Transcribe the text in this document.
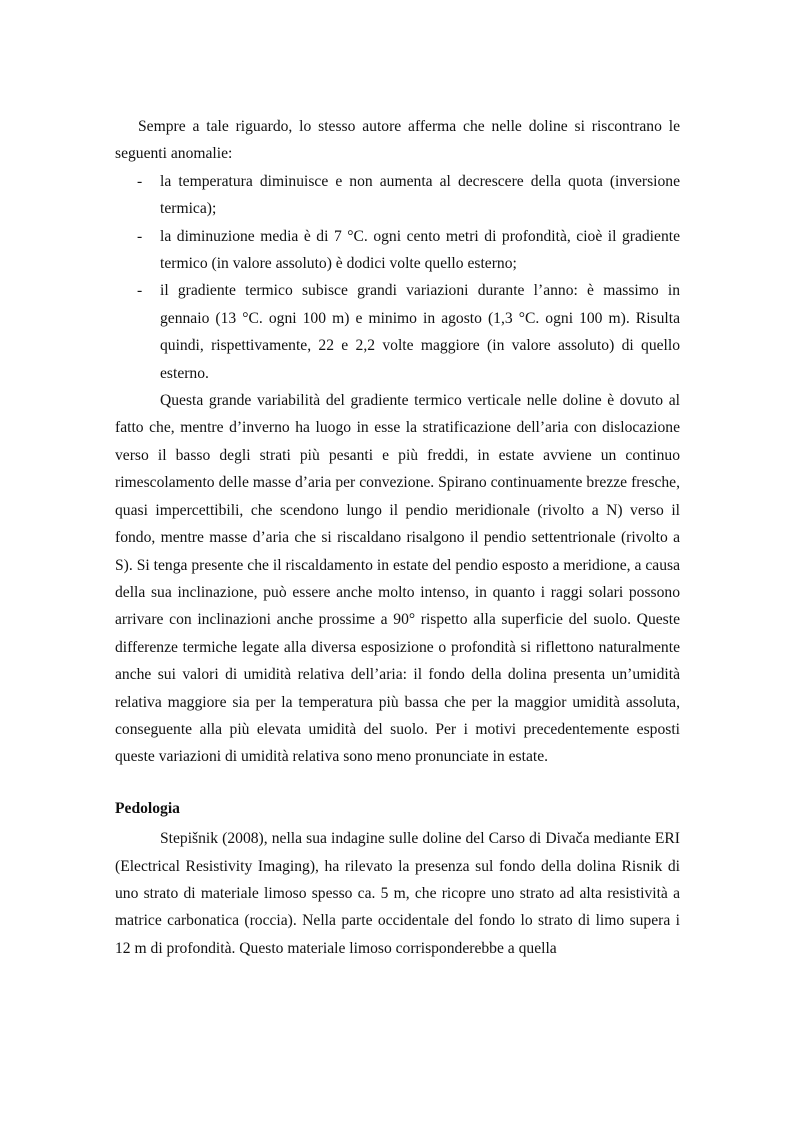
Sempre a tale riguardo, lo stesso autore afferma che nelle doline si riscontrano le seguenti anomalie:

- la temperatura diminuisce e non aumenta al decrescere della quota (inversione termica);
- la diminuzione media è di 7 °C. ogni cento metri di profondità, cioè il gradiente termico (in valore assoluto) è dodici volte quello esterno;
- il gradiente termico subisce grandi variazioni durante l’anno: è massimo in gennaio (13 °C. ogni 100 m) e minimo in agosto (1,3 °C. ogni 100 m). Risulta quindi, rispettivamente, 22 e 2,2 volte maggiore (in valore assoluto) di quello esterno.

Questa grande variabilità del gradiente termico verticale nelle doline è dovuto al fatto che, mentre d’inverno ha luogo in esse la stratificazione dell’aria con dislocazione verso il basso degli strati più pesanti e più freddi, in estate avviene un continuo rimescolamento delle masse d’aria per convezione. Spirano continuamente brezze fresche, quasi impercettibili, che scendono lungo il pendio meridionale (rivolto a N) verso il fondo, mentre masse d’aria che si riscaldano risalgono il pendio settentrionale (rivolto a S). Si tenga presente che il riscaldamento in estate del pendio esposto a meridione, a causa della sua inclinazione, può essere anche molto intenso, in quanto i raggi solari possono arrivare con inclinazioni anche prossime a 90° rispetto alla superficie del suolo. Queste differenze termiche legate alla diversa esposizione o profondità si riflettono naturalmente anche sui valori di umidità relativa dell’aria: il fondo della dolina presenta un’umidità relativa maggiore sia per la temperatura più bassa che per la maggior umidità assoluta, conseguente alla più elevata umidità del suolo. Per i motivi precedentemente esposti queste variazioni di umidità relativa sono meno pronunciate in estate.

Pedologia

Stepišnik (2008), nella sua indagine sulle doline del Carso di Divača mediante ERI (Electrical Resistivity Imaging), ha rilevato la presenza sul fondo della dolina Risnik di uno strato di materiale limoso spesso ca. 5 m, che ricopre uno strato ad alta resistività a matrice carbonatica (roccia). Nella parte occidentale del fondo lo strato di limo supera i 12 m di profondità. Questo materiale limoso corrisponderebbe a quella
